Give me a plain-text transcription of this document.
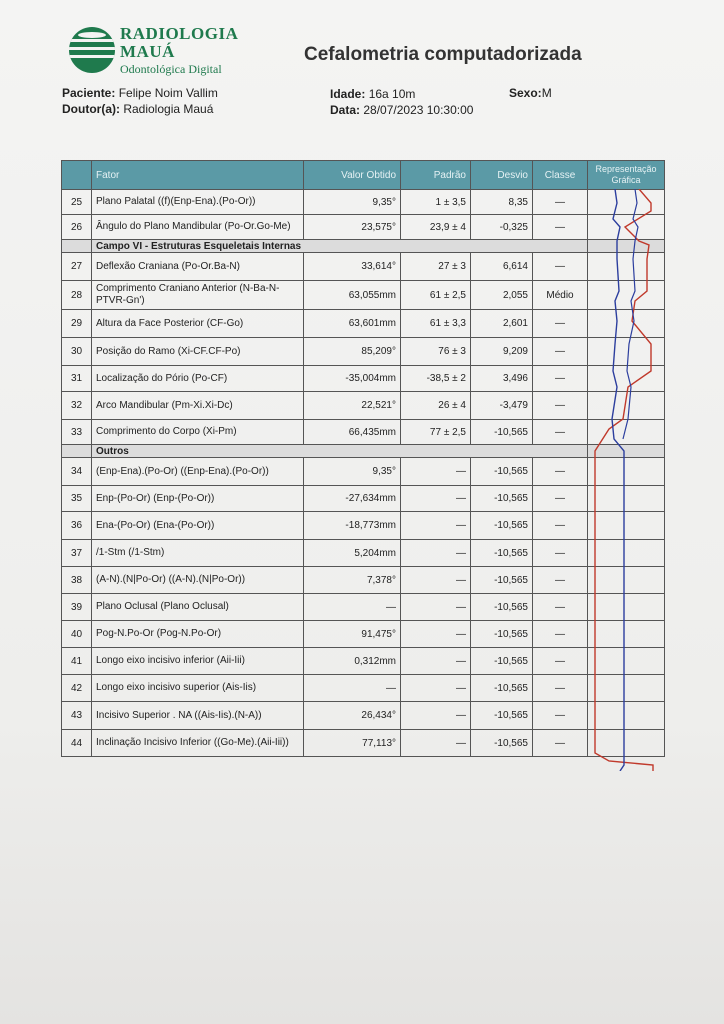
RADIOLOGIA
MAUÁ
Odontológica Digital
Cefalometria computadorizada
Paciente: Felipe Noim Vallim
Doutor(a): Radiologia Mauá
Idade: 16a 10m
Data: 28/07/2023 10:30:00
Sexo:M
	Fator	Valor Obtido	Padrão	Desvio	Classe	Representação Gráfica
25	Plano Palatal ((f)(Enp-Ena).(Po-Or))	9,35°	1 ± 3,5	8,35	—	
26	Ângulo do Plano Mandibular (Po-Or.Go-Me)	23,575°	23,9 ± 4	-0,325	—	
	Campo VI - Estruturas Esqueletais Internas					
27	Deflexão Craniana (Po-Or.Ba-N)	33,614°	27 ± 3	6,614	—	
28	Comprimento Craniano Anterior (N-Ba-N-PTVR-Gn')	63,055mm	61 ± 2,5	2,055	Médio	
29	Altura da Face Posterior (CF-Go)	63,601mm	61 ± 3,3	2,601	—	
30	Posição do Ramo (Xi-CF.CF-Po)	85,209°	76 ± 3	9,209	—	
31	Localização do Pório (Po-CF)	-35,004mm	-38,5 ± 2	3,496	—	
32	Arco Mandibular (Pm-Xi.Xi-Dc)	22,521°	26 ± 4	-3,479	—	
33	Comprimento do Corpo (Xi-Pm)	66,435mm	77 ± 2,5	-10,565	—	
	Outros					
34	(Enp-Ena).(Po-Or) ((Enp-Ena).(Po-Or))	9,35°	—	-10,565	—	
35	Enp-(Po-Or) (Enp-(Po-Or))	-27,634mm	—	-10,565	—	
36	Ena-(Po-Or) (Ena-(Po-Or))	-18,773mm	—	-10,565	—	
37	/1-Stm (/1-Stm)	5,204mm	—	-10,565	—	
38	(A-N).(N|Po-Or) ((A-N).(N|Po-Or))	7,378°	—	-10,565	—	
39	Plano Oclusal (Plano Oclusal)	—	—	-10,565	—	
40	Pog-N.Po-Or (Pog-N.Po-Or)	91,475°	—	-10,565	—	
41	Longo eixo incisivo inferior (Aii-Iii)	0,312mm	—	-10,565	—	
42	Longo eixo incisivo superior (Ais-Iis)	—	—	-10,565	—	
43	Incisivo Superior . NA ((Ais-Iis).(N-A))	26,434°	—	-10,565	—	
44	Inclinação Incisivo Inferior ((Go-Me).(Aii-Iii))	77,113°	—	-10,565	—	
